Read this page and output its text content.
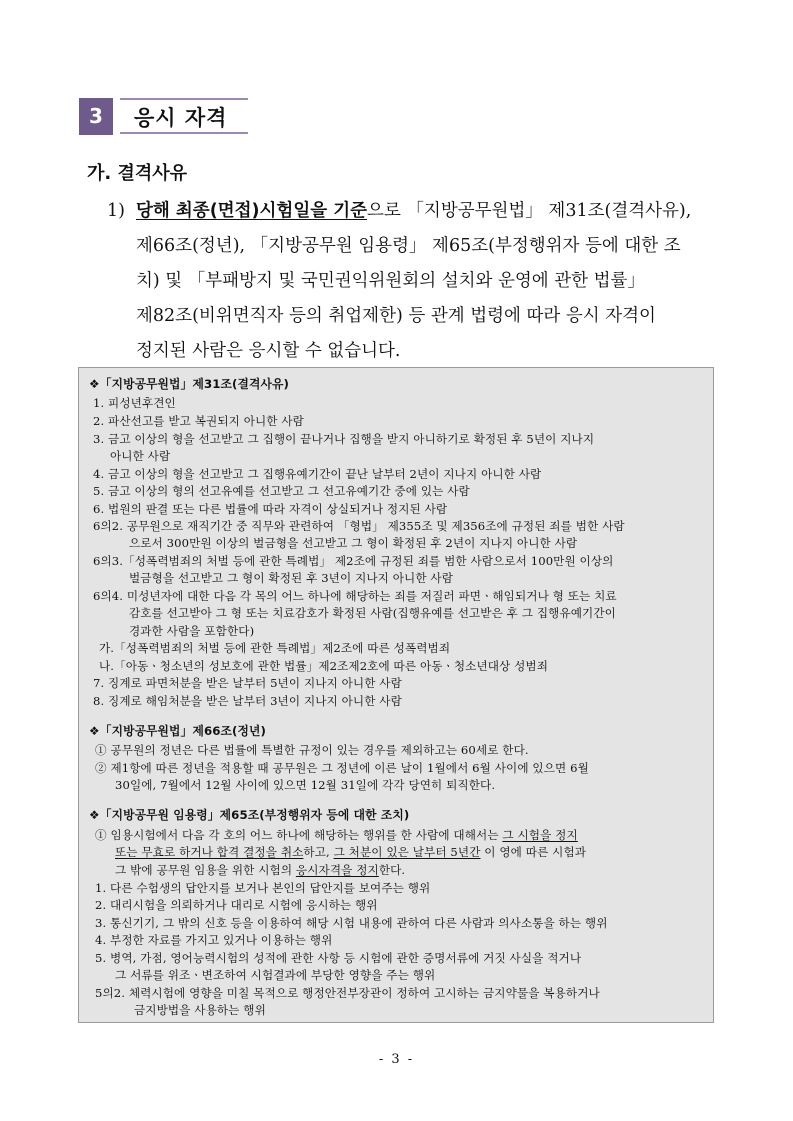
3	응시 자격
가. 결격사유
1) 당해 최종(면접)시험일을 기준으로 「지방공무원법」 제31조(결격사유),
제66조(정년), 「지방공무원 임용령」 제65조(부정행위자 등에 대한 조
치) 및 「부패방지 및 국민권익위원회의 설치와 운영에 관한 법률」
제82조(비위면직자 등의 취업제한) 등 관계 법령에 따라 응시 자격이
정지된 사람은 응시할 수 없습니다.
❖「지방공무원법」제31조(결격사유)
1. 피성년후견인
2. 파산선고를 받고 복권되지 아니한 사람
3. 금고 이상의 형을 선고받고 그 집행이 끝나거나 집행을 받지 아니하기로 확정된 후 5년이 지나지
아니한 사람
4. 금고 이상의 형을 선고받고 그 집행유예기간이 끝난 날부터 2년이 지나지 아니한 사람
5. 금고 이상의 형의 선고유예를 선고받고 그 선고유예기간 중에 있는 사람
6. 법원의 판결 또는 다른 법률에 따라 자격이 상실되거나 정지된 사람
6의2. 공무원으로 재직기간 중 직무와 관련하여 「형법」 제355조 및 제356조에 규정된 죄를 범한 사람
으로서 300만원 이상의 벌금형을 선고받고 그 형이 확정된 후 2년이 지나지 아니한 사람
6의3.「성폭력범죄의 처벌 등에 관한 특례법」 제2조에 규정된 죄를 범한 사람으로서 100만원 이상의
벌금형을 선고받고 그 형이 확정된 후 3년이 지나지 아니한 사람
6의4. 미성년자에 대한 다음 각 목의 어느 하나에 해당하는 죄를 저질러 파면ㆍ해임되거나 형 또는 치료
감호를 선고받아 그 형 또는 치료감호가 확정된 사람(집행유예를 선고받은 후 그 집행유예기간이
경과한 사람을 포함한다)
가.「성폭력범죄의 처벌 등에 관한 특례법」제2조에 따른 성폭력범죄
나.「아동ㆍ청소년의 성보호에 관한 법률」제2조제2호에 따른 아동ㆍ청소년대상 성범죄
7. 징계로 파면처분을 받은 날부터 5년이 지나지 아니한 사람
8. 징계로 해임처분을 받은 날부터 3년이 지나지 아니한 사람
❖「지방공무원법」제66조(정년)
① 공무원의 정년은 다른 법률에 특별한 규정이 있는 경우를 제외하고는 60세로 한다.
② 제1항에 따른 정년을 적용할 때 공무원은 그 정년에 이른 날이 1월에서 6월 사이에 있으면 6월
30일에, 7월에서 12월 사이에 있으면 12월 31일에 각각 당연히 퇴직한다.
❖「지방공무원 임용령」제65조(부정행위자 등에 대한 조치)
① 임용시험에서 다음 각 호의 어느 하나에 해당하는 행위를 한 사람에 대해서는 그 시험을 정지
또는 무효로 하거나 합격 결정을 취소하고, 그 처분이 있은 날부터 5년간 이 영에 따른 시험과
그 밖에 공무원 임용을 위한 시험의 응시자격을 정지한다.
1. 다른 수험생의 답안지를 보거나 본인의 답안지를 보여주는 행위
2. 대리시험을 의뢰하거나 대리로 시험에 응시하는 행위
3. 통신기기, 그 밖의 신호 등을 이용하여 해당 시험 내용에 관하여 다른 사람과 의사소통을 하는 행위
4. 부정한 자료를 가지고 있거나 이용하는 행위
5. 병역, 가점, 영어능력시험의 성적에 관한 사항 등 시험에 관한 증명서류에 거짓 사실을 적거나
그 서류를 위조ㆍ변조하여 시험결과에 부당한 영향을 주는 행위
5의2. 체력시험에 영향을 미칠 목적으로 행정안전부장관이 정하여 고시하는 금지약물을 복용하거나
금지방법을 사용하는 행위
- 3 -
